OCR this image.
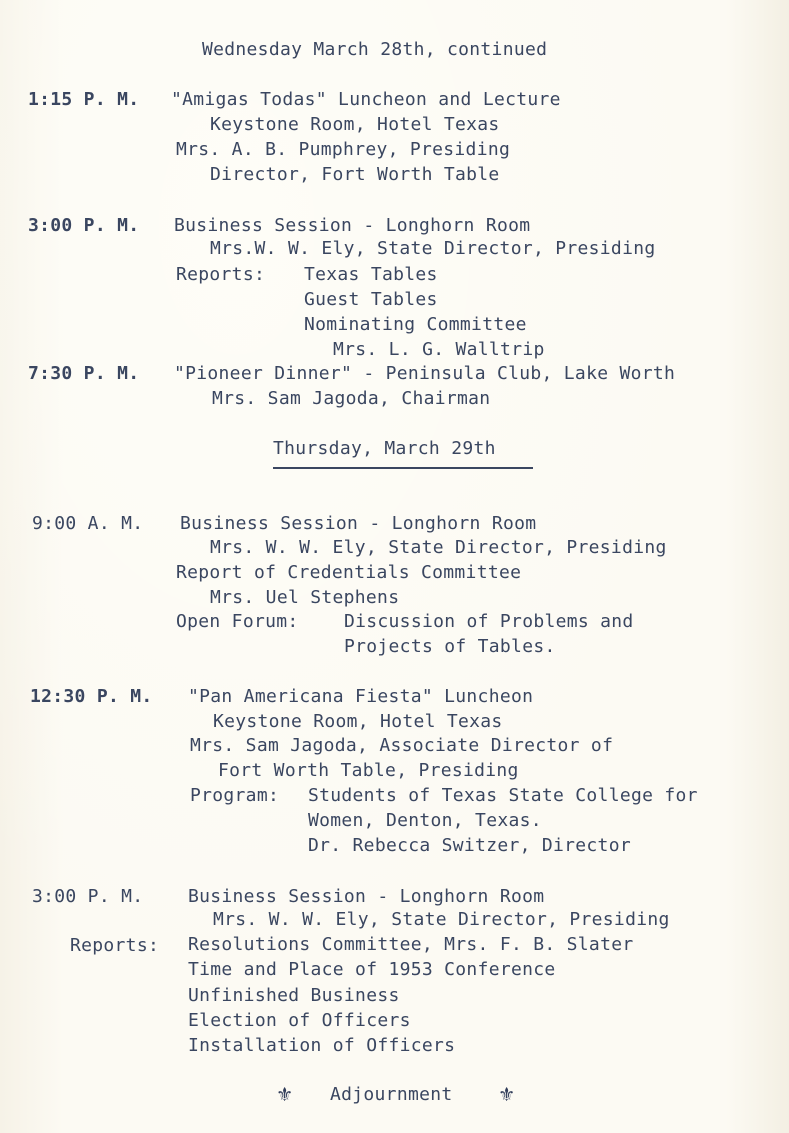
Wednesday March 28th, continued
1:15 P. M. "Amigas Todas" Luncheon and Lecture
Keystone Room, Hotel Texas
Mrs. A. B. Pumphrey, Presiding
Director, Fort Worth Table
3:00 P. M. Business Session - Longhorn Room
Mrs.W. W. Ely, State Director, Presiding
Reports: Texas Tables
Guest Tables
Nominating Committee
Mrs. L. G. Walltrip
7:30 P. M. "Pioneer Dinner" - Peninsula Club, Lake Worth
Mrs. Sam Jagoda, Chairman
Thursday, March 29th
9:00 A. M. Business Session - Longhorn Room
Mrs. W. W. Ely, State Director, Presiding
Report of Credentials Committee
Mrs. Uel Stephens
Open Forum:	Discussion of Problems and
Projects of Tables.
12:30 P. M. "Pan Americana Fiesta" Luncheon
Keystone Room, Hotel Texas
Mrs. Sam Jagoda, Associate Director of
Fort Worth Table, Presiding
Program: Students of Texas State College for
Women, Denton, Texas.
Dr. Rebecca Switzer, Director
3:00 P. M. Business Session - Longhorn Room
Mrs. W. W. Ely, State Director, Presiding
Reports: Resolutions Committee, Mrs. F. B. Slater
Time and Place of 1953 Conference
Unfinished Business
Election of Officers
Installation of Officers
⚜ Adjournment ⚜
